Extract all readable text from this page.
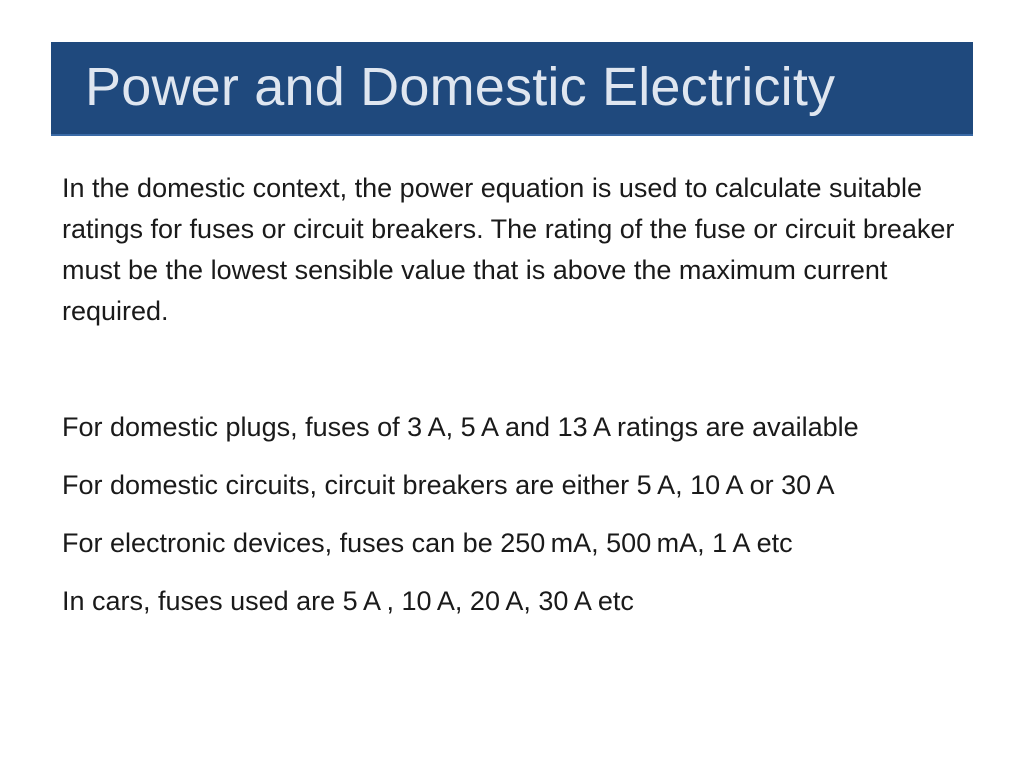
Power and Domestic Electricity

In the domestic context, the power equation is used to calculate suitable ratings for fuses or circuit breakers. The rating of the fuse or circuit breaker must be the lowest sensible value that is above the maximum current required.

For domestic plugs, fuses of 3 A, 5 A and 13 A ratings are available
For domestic circuits, circuit breakers are either 5 A, 10 A or 30 A
For electronic devices, fuses can be 250 mA, 500 mA, 1 A etc
In cars, fuses used are 5 A , 10 A, 20 A, 30 A etc
